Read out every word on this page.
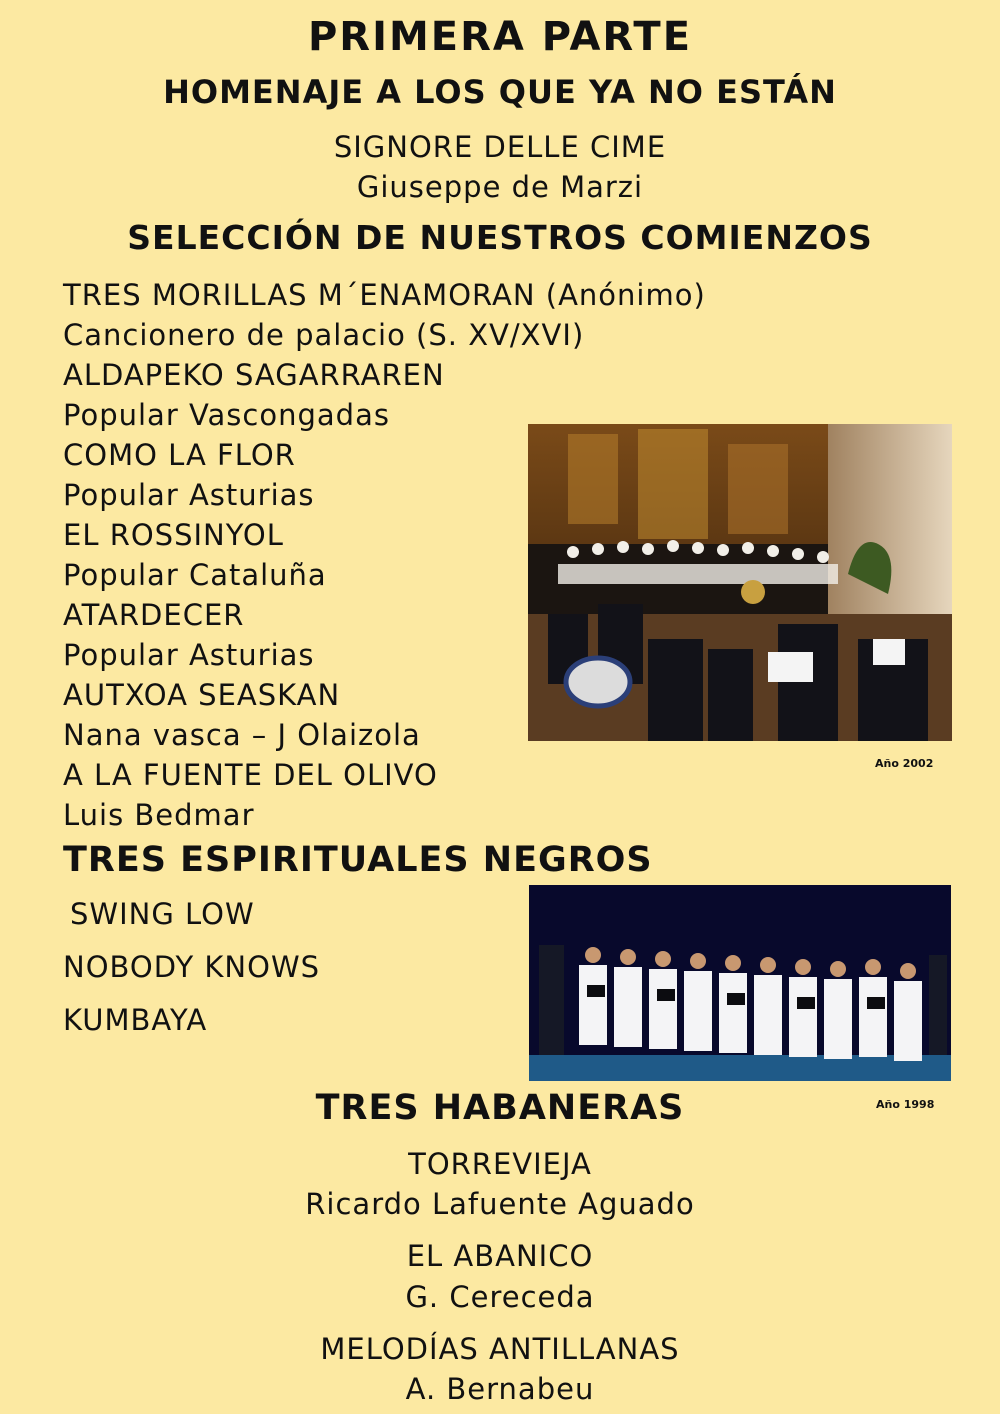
PRIMERA PARTE
HOMENAJE A LOS QUE YA NO ESTÁN
SIGNORE DELLE CIME
Giuseppe de Marzi
SELECCIÓN DE NUESTROS COMIENZOS
TRES MORILLAS M´ENAMORAN (Anónimo)
Cancionero de palacio (S. XV/XVI)
ALDAPEKO SAGARRAREN
Popular Vascongadas
COMO LA FLOR
Popular Asturias
EL ROSSINYOL
Popular Cataluña
ATARDECER
Popular Asturias
AUTXOA SEASKAN
Nana vasca – J Olaizola
A LA FUENTE DEL OLIVO
Luis Bedmar
Año 2002
TRES ESPIRITUALES NEGROS
SWING LOW
NOBODY KNOWS
KUMBAYA
Año 1998
TRES HABANERAS
TORREVIEJA
Ricardo Lafuente Aguado
EL ABANICO
G. Cereceda
MELODÍAS ANTILLANAS
A. Bernabeu
